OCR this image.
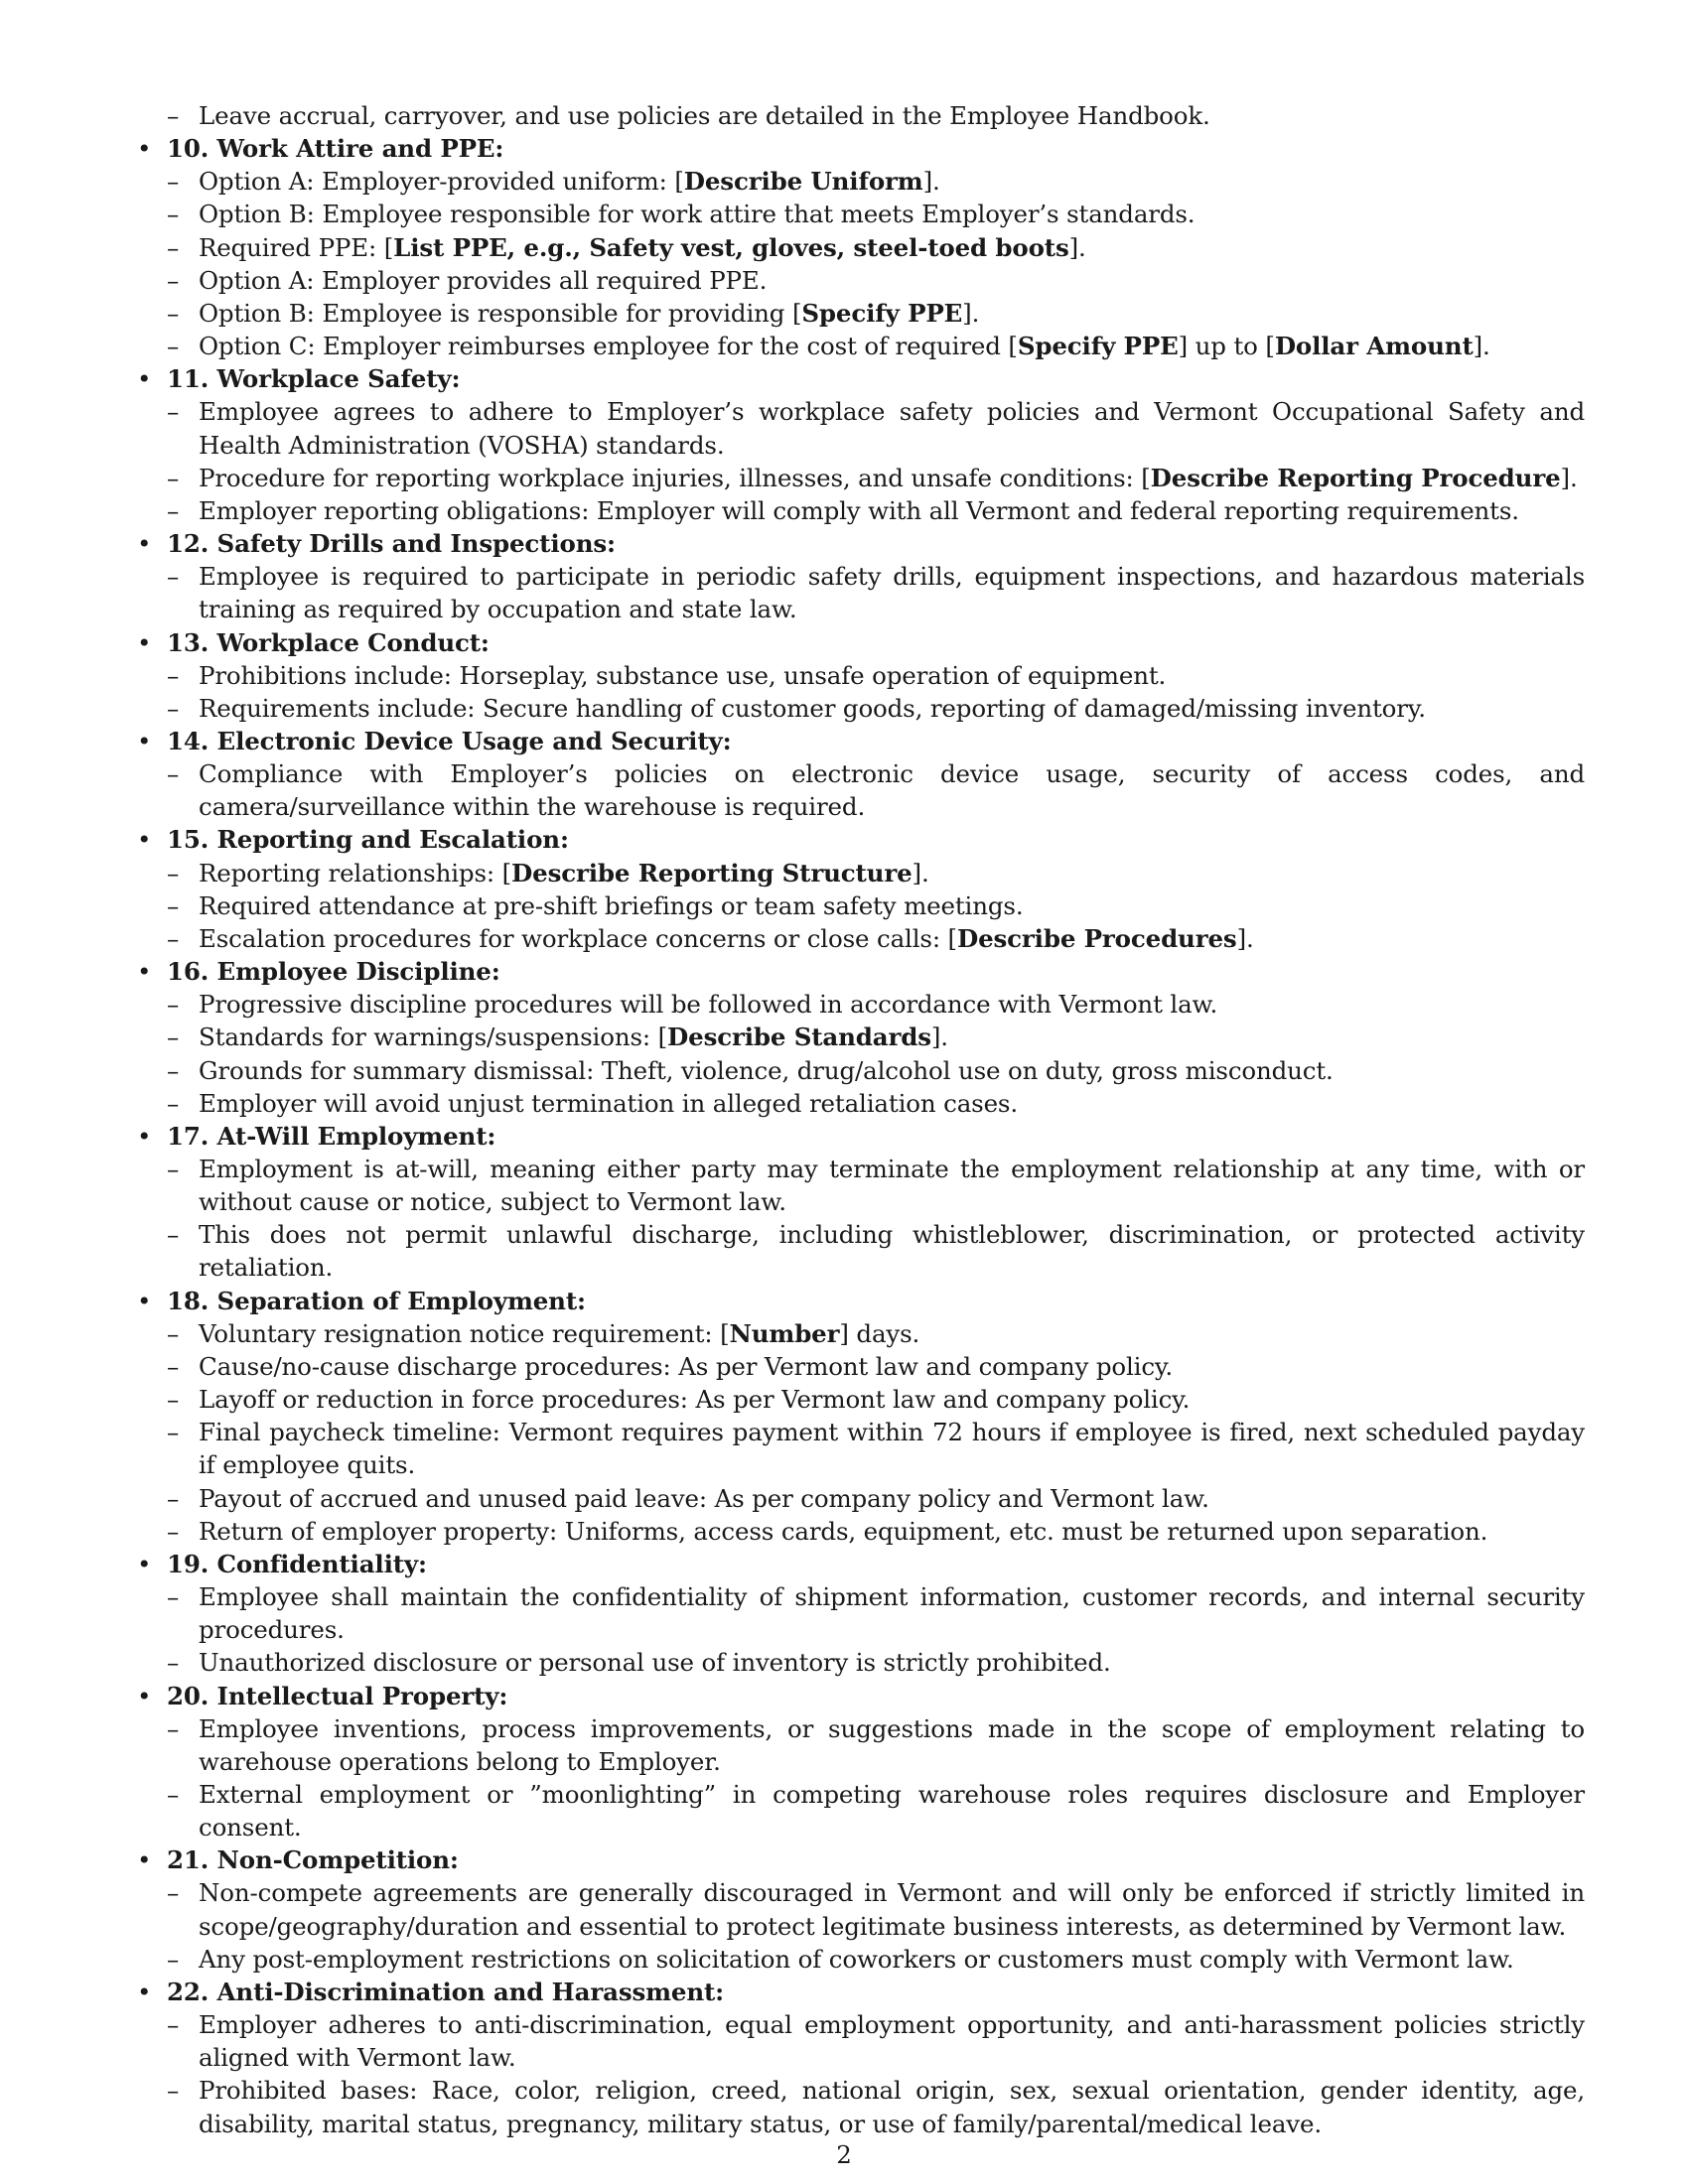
– Leave accrual, carryover, and use policies are detailed in the Employee Handbook.
• 10. Work Attire and PPE:
– Option A: Employer-provided uniform: [Describe Uniform].
– Option B: Employee responsible for work attire that meets Employer’s standards.
– Required PPE: [List PPE, e.g., Safety vest, gloves, steel-toed boots].
– Option A: Employer provides all required PPE.
– Option B: Employee is responsible for providing [Specify PPE].
– Option C: Employer reimburses employee for the cost of required [Specify PPE] up to [Dollar Amount].
• 11. Workplace Safety:
– Employee agrees to adhere to Employer’s workplace safety policies and Vermont Occupational Safety and Health Administration (VOSHA) standards.
– Procedure for reporting workplace injuries, illnesses, and unsafe conditions: [Describe Reporting Procedure].
– Employer reporting obligations: Employer will comply with all Vermont and federal reporting requirements.
• 12. Safety Drills and Inspections:
– Employee is required to participate in periodic safety drills, equipment inspections, and hazardous materials training as required by occupation and state law.
• 13. Workplace Conduct:
– Prohibitions include: Horseplay, substance use, unsafe operation of equipment.
– Requirements include: Secure handling of customer goods, reporting of damaged/missing inventory.
• 14. Electronic Device Usage and Security:
– Compliance with Employer’s policies on electronic device usage, security of access codes, and camera/surveillance within the warehouse is required.
• 15. Reporting and Escalation:
– Reporting relationships: [Describe Reporting Structure].
– Required attendance at pre-shift briefings or team safety meetings.
– Escalation procedures for workplace concerns or close calls: [Describe Procedures].
• 16. Employee Discipline:
– Progressive discipline procedures will be followed in accordance with Vermont law.
– Standards for warnings/suspensions: [Describe Standards].
– Grounds for summary dismissal: Theft, violence, drug/alcohol use on duty, gross misconduct.
– Employer will avoid unjust termination in alleged retaliation cases.
• 17. At-Will Employment:
– Employment is at-will, meaning either party may terminate the employment relationship at any time, with or without cause or notice, subject to Vermont law.
– This does not permit unlawful discharge, including whistleblower, discrimination, or protected activity retaliation.
• 18. Separation of Employment:
– Voluntary resignation notice requirement: [Number] days.
– Cause/no-cause discharge procedures: As per Vermont law and company policy.
– Layoff or reduction in force procedures: As per Vermont law and company policy.
– Final paycheck timeline: Vermont requires payment within 72 hours if employee is fired, next scheduled payday if employee quits.
– Payout of accrued and unused paid leave: As per company policy and Vermont law.
– Return of employer property: Uniforms, access cards, equipment, etc. must be returned upon separation.
• 19. Confidentiality:
– Employee shall maintain the confidentiality of shipment information, customer records, and internal security procedures.
– Unauthorized disclosure or personal use of inventory is strictly prohibited.
• 20. Intellectual Property:
– Employee inventions, process improvements, or suggestions made in the scope of employment relating to warehouse operations belong to Employer.
– External employment or ”moonlighting” in competing warehouse roles requires disclosure and Employer consent.
• 21. Non-Competition:
– Non-compete agreements are generally discouraged in Vermont and will only be enforced if strictly limited in scope/geography/duration and essential to protect legitimate business interests, as determined by Vermont law.
– Any post-employment restrictions on solicitation of coworkers or customers must comply with Vermont law.
• 22. Anti-Discrimination and Harassment:
– Employer adheres to anti-discrimination, equal employment opportunity, and anti-harassment policies strictly aligned with Vermont law.
– Prohibited bases: Race, color, religion, creed, national origin, sex, sexual orientation, gender identity, age, disability, marital status, pregnancy, military status, or use of family/parental/medical leave.
2
